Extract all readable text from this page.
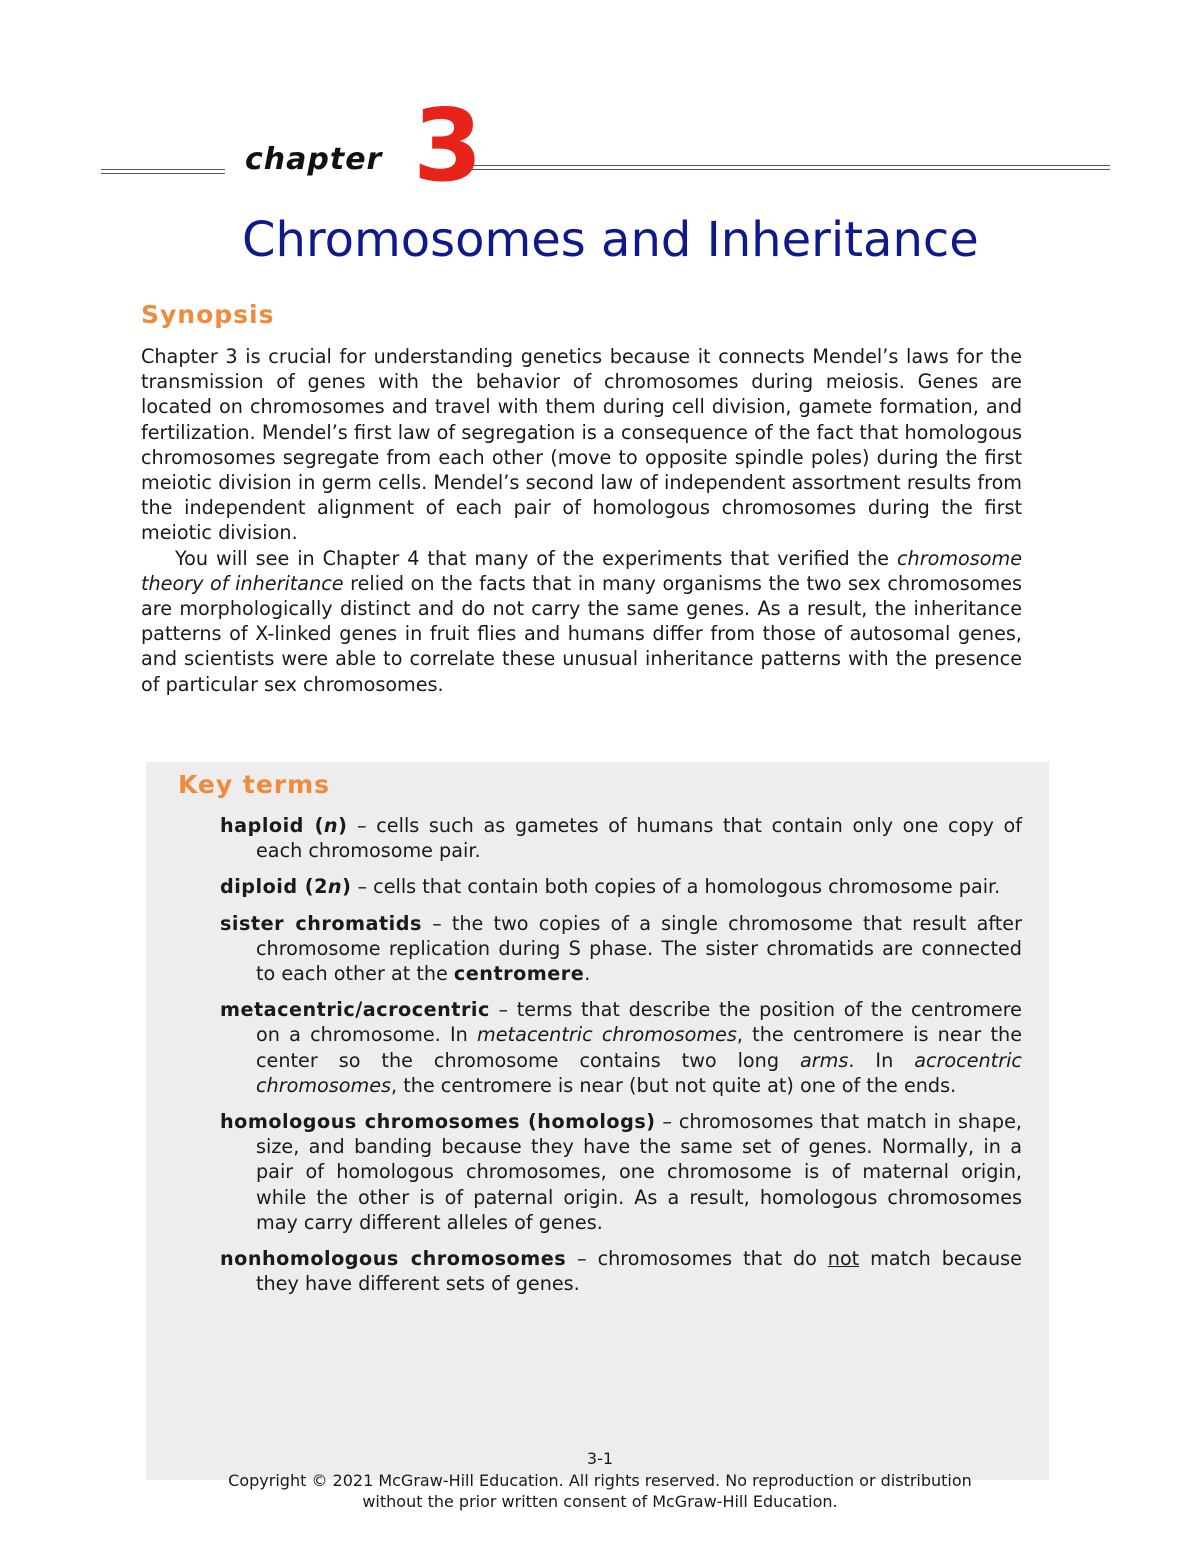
chapter 3
Chromosomes and Inheritance
Synopsis

Chapter 3 is crucial for understanding genetics because it connects Mendel’s laws for the transmission of genes with the behavior of chromosomes during meiosis. Genes are located on chromosomes and travel with them during cell division, gamete formation, and fertilization. Mendel’s first law of segregation is a consequence of the fact that homologous chromosomes segregate from each other (move to opposite spindle poles) during the first meiotic division in germ cells. Mendel’s second law of independent assortment results from the independent alignment of each pair of homologous chromosomes during the first meiotic division.

You will see in Chapter 4 that many of the experiments that verified the chromosome theory of inheritance relied on the facts that in many organisms the two sex chromosomes are morphologically distinct and do not carry the same genes. As a result, the inheritance patterns of X-linked genes in fruit flies and humans differ from those of autosomal genes, and scientists were able to correlate these unusual inheritance patterns with the presence of particular sex chromosomes.

Key terms

haploid (n) – cells such as gametes of humans that contain only one copy of each chromosome pair.

diploid (2n) – cells that contain both copies of a homologous chromosome pair.

sister chromatids – the two copies of a single chromosome that result after chromosome replication during S phase. The sister chromatids are connected to each other at the centromere.

metacentric/acrocentric – terms that describe the position of the centromere on a chromosome. In metacentric chromosomes, the centromere is near the center so the chromosome contains two long arms. In acrocentric chromosomes, the centromere is near (but not quite at) one of the ends.

homologous chromosomes (homologs) – chromosomes that match in shape, size, and banding because they have the same set of genes. Normally, in a pair of homologous chromosomes, one chromosome is of maternal origin, while the other is of paternal origin. As a result, homologous chromosomes may carry different alleles of genes.

nonhomologous chromosomes – chromosomes that do not match because they have different sets of genes.

3-1
Copyright © 2021 McGraw-Hill Education. All rights reserved. No reproduction or distribution
without the prior written consent of McGraw-Hill Education.
